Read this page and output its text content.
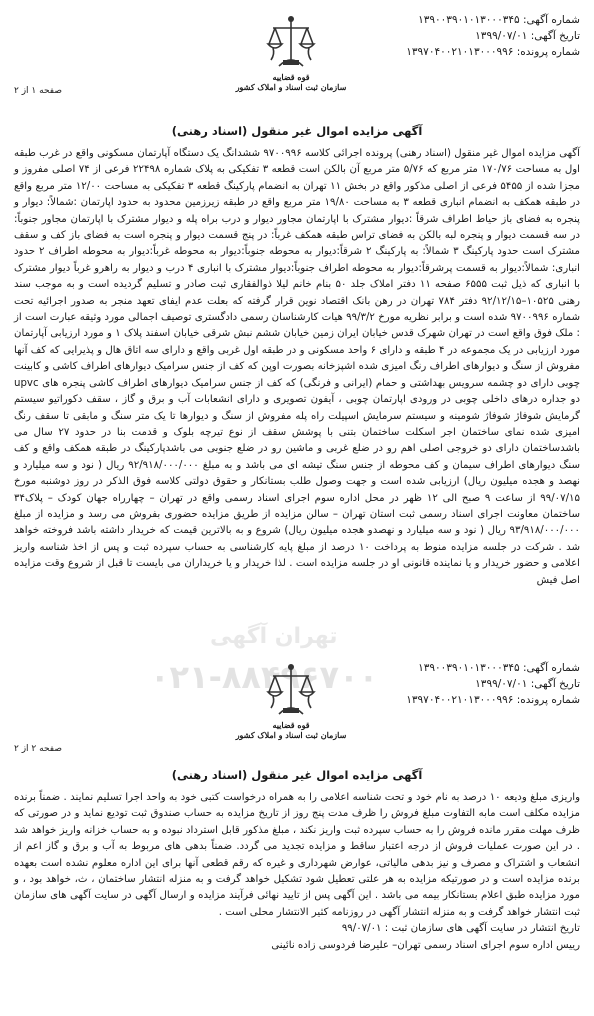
شماره آگهی: ۱۳۹۰۰۳۹۰۱۰۱۳۰۰۰۳۴۵
تاریخ آگهی: ۱۳۹۹/۰۷/۰۱
شماره پرونده: ۱۳۹۷۰۴۰۰۲۱۰۱۳۰۰۰۹۹۶
قوه قضاییه
سازمان ثبت اسناد و املاک کشور
صفحه ۱ از ۲
آگهی مزایده اموال غیر منقول (اسناد رهنی)
تهران آگهی
۰۲۱-۸۸۴۹۶۷۰۰

آگهی مزایده اموال غیر منقول (اسناد رهنی) پرونده اجرائی کلاسه ۹۷۰۰۹۹۶ ششدانگ یک دستگاه آپارتمان مسکونی واقع در غرب طبقه اول به مساحت ۱۷۰/۷۶ متر مربع که ۵/۷۶ متر مربع آن بالکن است قطعه ۳ تفکیکی به پلاک شماره ۲۲۴۹۸ فرعی از ۷۴ اصلی مفروز و مجزا شده از ۵۴۵۵ فرعی از اصلی مذکور واقع در بخش ۱۱ تهران به انضمام پارکینگ قطعه ۳ تفکیکی به مساحت ۱۲/۰۰ متر مربع واقع در طبقه همکف به انضمام انباری قطعه ۳ به مساحت ۱۹/۸۰ متر مربع واقع در طبقه زیرزمین محدود به حدود اپارتمان :شمالاً: دیوار و پنجره به فضای باز حیاط اطراف شرقاً :دیوار مشترک با اپارتمان مجاور دیوار و درب براه پله و دیوار مشترک با اپارتمان مجاور جنوباً: در سه قسمت دیوار و پنجره لبه بالکن به فضای تراس طبقه همکف غرباً: در پنج قسمت دیوار و پنجره است به فضای باز کف و سقف مشترک است حدود پارکینگ ۳ شمالاً: به پارکینگ ۲ شرقاً:دیوار به محوطه جنوباً:دیوار به محوطه غرباً:دیوار به محوطه اطراف ۲ حدود انباری: شمالاً:دیوار به قسمت پرشرقاً:دیوار به محوطه اطراف جنوباً:دیوار مشترک با انباری ۴ درب و دیوار به راهرو غرباً دیوار مشترک با انباری که ذیل ثبت ۶۵۵۵ صفحه ۱۱ دفتر املاک جلد ۵۰ بنام خانم لیلا ذوالفقاری ثبت صادر و تسلیم گردیده است و به موجب سند رهنی ۱۰۵۲۵–۹۲/۱۲/۱۵ دفتر ۷۸۴ تهران در رهن بانک اقتصاد نوین قرار گرفته که بعلت عدم ایفای تعهد منجر به صدور اجرائیه تحت شماره ۹۷۰۰۹۹۶ شده است و برابر نظریه مورخ ۹۹/۳/۲ هیات کارشناسان رسمی دادگستری توصیف اجمالی مورد وثیقه عبارت است از : ملک فوق واقع است در تهران شهرک قدس خیابان ایران زمین خیابان ششم نبش شرقی خیابان اسفند پلاک ۱ و مورد ارزیابی آپارتمان مورد ارزیابی در یک مجموعه در ۴ طبقه و دارای ۶ واحد مسکونی و در طبقه اول غربی واقع و دارای سه اتاق هال و پذیرایی که کف آنها مفروش از سنگ و دیوارهای اطراف رنگ امیزی شده اشپزخانه بصورت اوپن که کف از جنس سرامیک دیوارهای اطراف کاشی و کابینت چوبی دارای دو چشمه سرویس بهداشتی و حمام (ایرانی و فرنگی) که کف از جنس سرامیک دیوارهای اطراف کاشی پنجره های upvc دو جداره درهای داخلی چوبی در ورودی اپارتمان چوبی ، آیفون تصویری و دارای انشعابات آب و برق و گاز ، سقف دکوراتیو سیستم گرمایش شوفاژ شوفاژ شومینه و سیستم سرمایش اسپیلت راه پله مفروش از سنگ و دیوارها تا یک متر سنگ و مابقی تا سقف رنگ امیزی شده نمای ساختمان اجر اسکلت ساختمان بتنی با پوشش سقف از نوع تیرچه بلوک و قدمت بنا در حدود ۲۷ سال می باشدساختمان دارای دو خروجی اصلی اهم رو در ضلع غربی و ماشین رو در ضلع جنوبی می باشدپارکینگ در طبقه همکف واقع و کف سنگ دیوارهای اطراف سیمان و کف محوطه از جنس سنگ تیشه ای می باشد و به مبلغ ۹۲/۹۱۸/۰۰۰/۰۰۰ ریال ( نود و سه میلیارد و نهصد و هجده میلیون ریال) ارزیابی شده است و جهت وصول طلب بستانکار و حقوق دولتی کلاسه فوق الذکر در روز دوشنبه مورخ ۹۹/۰۷/۱۵ از ساعت ۹ صبح الی ۱۲ ظهر در محل اداره سوم اجرای اسناد رسمی واقع در تهران – چهارراه جهان کودک – پلاک۳۴ ساختمان معاونت اجرای اسناد رسمی ثبت استان تهران – سالن مزایده از طریق مزایده حضوری بفروش می رسد و مزایده از مبلغ ۹۳/۹۱۸/۰۰۰/۰۰۰ ریال ( نود و سه میلیارد و نهصدو هجده میلیون ریال) شروع و به بالاترین قیمت که خریدار داشته باشد فروخته خواهد شد . شرکت در جلسه مزایده منوط به پرداخت ۱۰ درصد از مبلغ پایه کارشناسی به حساب سپرده ثبت و پس از اخذ شناسه واریز اعلامی و حضور خریدار و یا نماینده قانونی او در جلسه مزایده است . لذا خریدار و یا خریداران می بایست تا قبل از شروع وقت مزایده اصل فیش

شماره آگهی: ۱۳۹۰۰۳۹۰۱۰۱۳۰۰۰۳۴۵
تاریخ آگهی: ۱۳۹۹/۰۷/۰۱
شماره پرونده: ۱۳۹۷۰۴۰۰۲۱۰۱۳۰۰۰۹۹۶
قوه قضاییه
سازمان ثبت اسناد و املاک کشور
صفحه ۲ از ۲
آگهی مزایده اموال غیر منقول (اسناد رهنی)

واریزی مبلغ ودیعه ۱۰ درصد به نام خود و تحت شناسه اعلامی را به همراه درخواست کتبی خود به واحد اجرا تسلیم نمایند . ضمناً برنده مزایده مکلف است مابه التفاوت مبلغ فروش را ظرف مدت پنج روز از تاریخ مزایده به حساب صندوق ثبت تودیع نماید و در صورتی که ظرف مهلت مقرر مانده فروش را به حساب سپرده ثبت واریز نکند ، مبلغ مذکور قابل استرداد نبوده و به حساب خزانه واریز خواهد شد . در این صورت عملیات فروش از درجه اعتبار ساقط و مزایده تجدید می گردد. ضمناً بدهی های مربوط به آب و برق و گاز اعم از انشعاب و اشتراک و مصرف و نیز بدهی مالیاتی، عوارض شهرداری و غیره که رقم قطعی آنها برای این اداره معلوم نشده است بعهده برنده مزایده است و در صورتیکه مزایده به هر علتی تعطیل شود تشکیل خواهد گرفت و به منزله انتشار ساختمان ، ث، خواهد بود ، و مورد مزایده طبق اعلام بستانکار بیمه می باشد . این آگهی پس از تایید نهائی فرآیند مزایده و ارسال آگهی در سایت آگهی های سازمان ثبت انتشار خواهد گرفت و به منزله انتشار آگهی در روزنامه کثیر الانتشار محلی است .

تاریخ انتشار در سایت آگهی های سازمان ثبت : ۹۹/۰۷/۰۱

رییس اداره سوم اجرای اسناد رسمی تهران– علیرضا فردوسی زاده نائینی
